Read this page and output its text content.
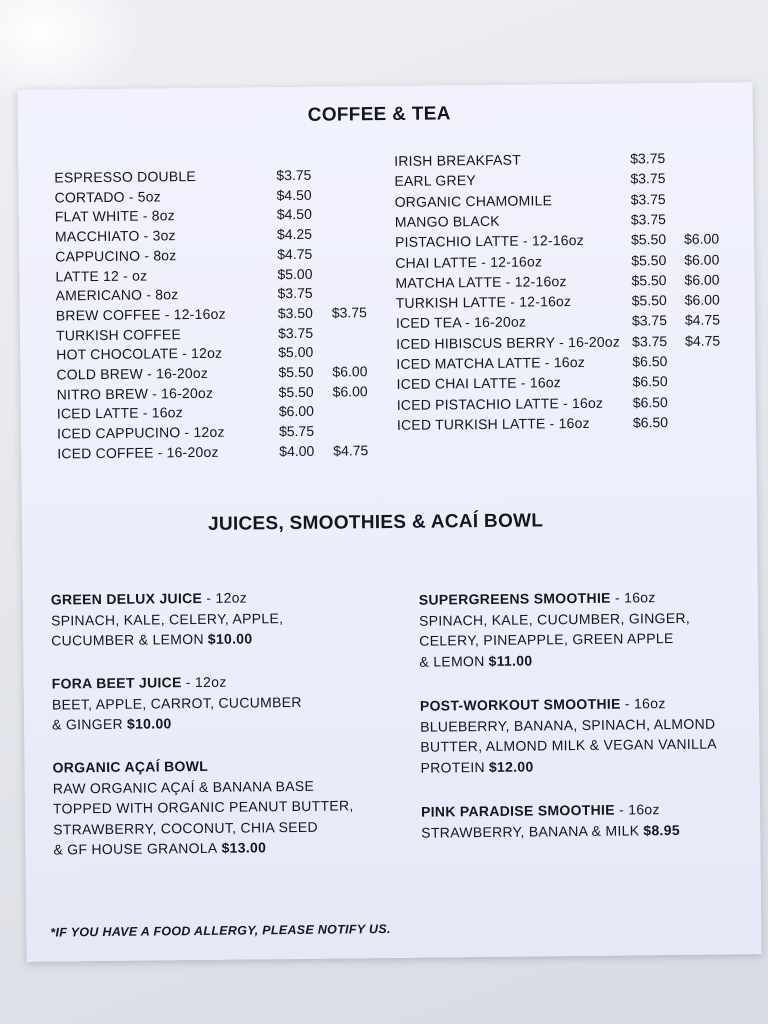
COFFEE & TEA
ESPRESSO DOUBLE	$3.75
CORTADO - 5oz	$4.50
FLAT WHITE - 8oz	$4.50
MACCHIATO - 3oz	$4.25
CAPPUCINO - 8oz	$4.75
LATTE 12 - oz	$5.00
AMERICANO - 8oz	$3.75
BREW COFFEE - 12-16oz	$3.50 $3.75
TURKISH COFFEE	$3.75
HOT CHOCOLATE - 12oz	$5.00
COLD BREW - 16-20oz	$5.50 $6.00
NITRO BREW - 16-20oz	$5.50 $6.00
ICED LATTE - 16oz	$6.00
ICED CAPPUCINO - 12oz	$5.75
ICED COFFEE - 16-20oz	$4.00 $4.75
IRISH BREAKFAST	$3.75
EARL GREY	$3.75
ORGANIC CHAMOMILE	$3.75
MANGO BLACK	$3.75
PISTACHIO LATTE - 12-16oz	$5.50 $6.00
CHAI LATTE - 12-16oz	$5.50 $6.00
MATCHA LATTE - 12-16oz	$5.50 $6.00
TURKISH LATTE - 12-16oz	$5.50 $6.00
ICED TEA - 16-20oz	$3.75 $4.75
ICED HIBISCUS BERRY - 16-20oz $3.75 $4.75
ICED MATCHA LATTE - 16oz	$6.50
ICED CHAI LATTE - 16oz	$6.50
ICED PISTACHIO LATTE - 16oz $6.50
ICED TURKISH LATTE - 16oz	$6.50
JUICES, SMOOTHIES & ACAÍ BOWL
GREEN DELUX JUICE - 12oz
SPINACH, KALE, CELERY, APPLE,
CUCUMBER & LEMON $10.00
FORA BEET JUICE - 12oz
BEET, APPLE, CARROT, CUCUMBER
& GINGER $10.00
ORGANIC AÇAÍ BOWL
RAW ORGANIC AÇAÍ & BANANA BASE
TOPPED WITH ORGANIC PEANUT BUTTER,
STRAWBERRY, COCONUT, CHIA SEED
& GF HOUSE GRANOLA $13.00
SUPERGREENS SMOOTHIE - 16oz
SPINACH, KALE, CUCUMBER, GINGER,
CELERY, PINEAPPLE, GREEN APPLE
& LEMON $11.00
POST-WORKOUT SMOOTHIE - 16oz
BLUEBERRY, BANANA, SPINACH, ALMOND
BUTTER, ALMOND MILK & VEGAN VANILLA
PROTEIN $12.00
PINK PARADISE SMOOTHIE - 16oz
STRAWBERRY, BANANA & MILK $8.95
*IF YOU HAVE A FOOD ALLERGY, PLEASE NOTIFY US.
